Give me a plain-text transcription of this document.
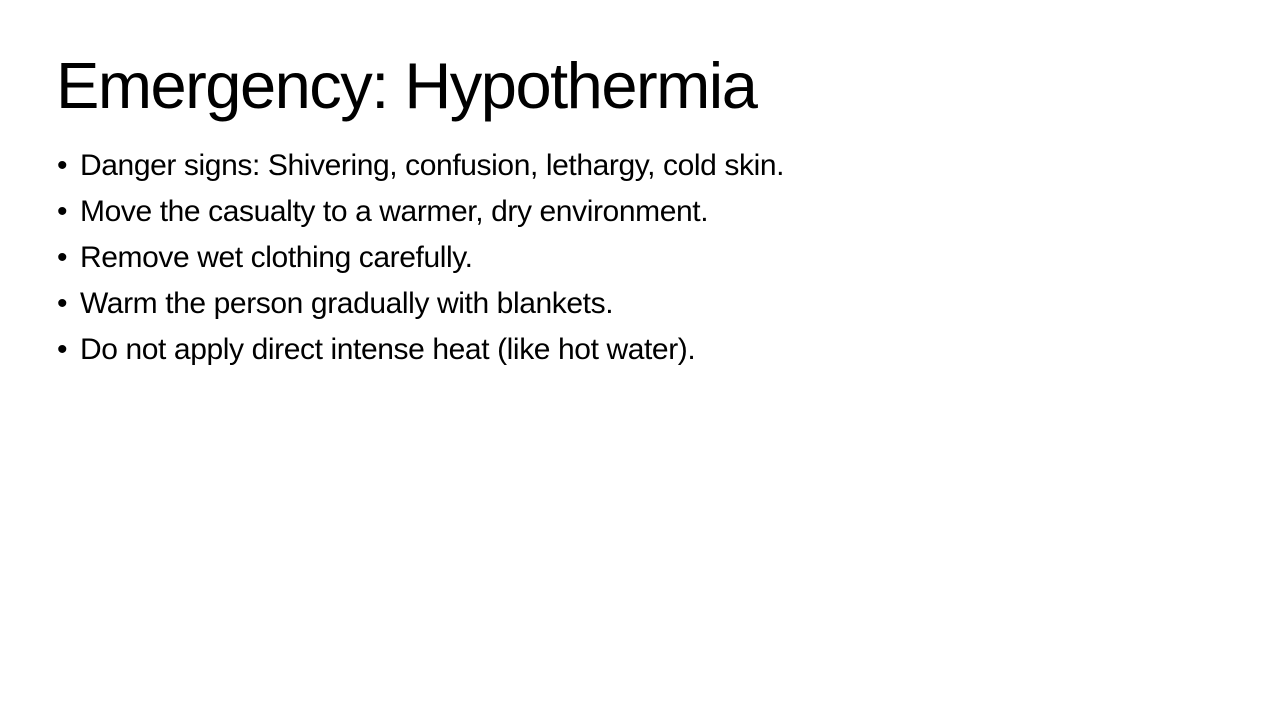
Emergency: Hypothermia
• Danger signs: Shivering, confusion, lethargy, cold skin.
• Move the casualty to a warmer, dry environment.
• Remove wet clothing carefully.
• Warm the person gradually with blankets.
• Do not apply direct intense heat (like hot water).
